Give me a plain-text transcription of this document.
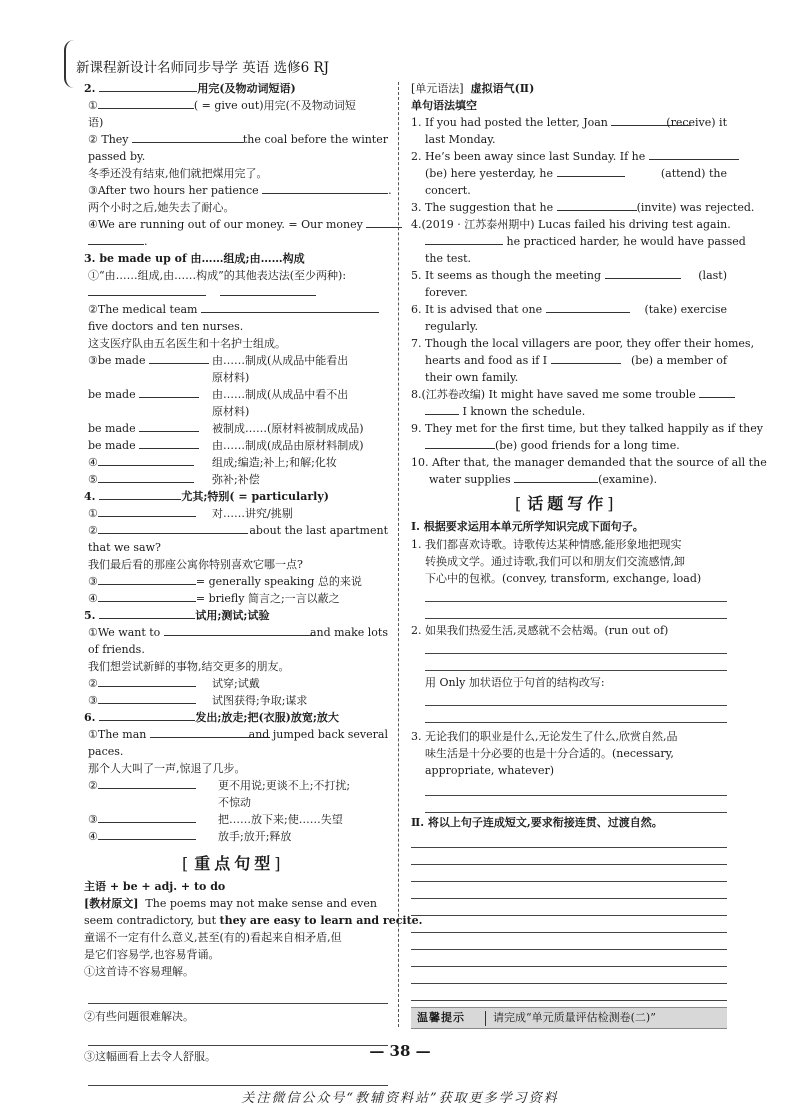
新课程新设计名师同步导学 英语 选修6 RJ
2.	用完(及物动词短语)
①	( = give out)用完(不及物动词短
语)
② They	the coal before the winter
passed by.
冬季还没有结束,他们就把煤用完了。
③After two hours her patience	.
两个小时之后,她失去了耐心。
④We are running out of our money. = Our money
.
3. be made up of 由……组成;由……构成
①“由……组成,由……构成”的其他表达法(至少两种):

②The medical team
five doctors and ten nurses.
这支医疗队由五名医生和十名护士组成。
③be made	由……制成(从成品中能看出
原材料)
be made	由……制成(从成品中看不出
原材料)
be made	被制成……(原材料被制成成品)
be made	由……制成(成品由原材料制成)
④	组成;编造;补上;和解;化妆
⑤	弥补;补偿
4.	尤其;特别( = particularly)
①	对……讲究/挑剔
②	about the last apartment
that we saw?
我们最后看的那座公寓你特别喜欢它哪一点?
③	= generally speaking 总的来说
④	= briefly 简言之;一言以蔽之
5.	试用;测试;试验
①We want to	and make lots
of friends.
我们想尝试新鲜的事物,结交更多的朋友。
②	试穿;试戴
③	试图获得;争取;谋求
6.	发出;放走;把(衣服)放宽;放大
①The man	and jumped back several
paces.
那个人大叫了一声,惊退了几步。
②	更不用说;更谈不上;不打扰;
不惊动
③	把……放下来;使……失望
④	放手;放开;释放
[ 重点句型 ]
主语 + be + adj. + to do
[教材原文] The poems may not make sense and even
seem contradictory, but they are easy to learn and recite.
童谣不一定有什么意义,甚至(有的)看起来自相矛盾,但
是它们容易学,也容易背诵。
①这首诗不容易理解。
②有些问题很难解决。
③这幅画看上去令人舒服。
[单元语法] 虚拟语气(Ⅱ)
单句语法填空
1. If you had posted the letter, Joan	(receive) it
last Monday.
2. He’s been away since last Sunday. If he
(be) here yesterday, he	(attend) the
concert.
3. The suggestion that he	(invite) was rejected.
4.(2019 · 江苏泰州期中) Lucas failed his driving test again.
he practiced harder, he would have passed
the test.
5. It seems as though the meeting	(last)
forever.
6. It is advised that one	(take) exercise
regularly.
7. Though the local villagers are poor, they offer their homes,
hearts and food as if I	(be) a member of
their own family.
8.(江苏卷改编) It might have saved me some trouble
I known the schedule.
9. They met for the first time, but they talked happily as if they
(be) good friends for a long time.
10. After that, the manager demanded that the source of all the
water supplies	(examine).
[ 话题写作 ]
Ⅰ. 根据要求运用本单元所学知识完成下面句子。
1. 我们都喜欢诗歌。诗歌传达某种情感,能形象地把现实
转换成文学。通过诗歌,我们可以和朋友们交流感情,卸
下心中的包袱。(convey, transform, exchange, load)
2. 如果我们热爱生活,灵感就不会枯竭。(run out of)
用 Only 加状语位于句首的结构改写:
3. 无论我们的职业是什么,无论发生了什么,欣赏自然,品
味生活是十分必要的也是十分合适的。(necessary,
appropriate, whatever)
Ⅱ. 将以上句子连成短文,要求衔接连贯、过渡自然。
温馨提示	请完成“单元质量评估检测卷(二)”
— 38 —
关注微信公众号“教辅资料站”获取更多学习资料
